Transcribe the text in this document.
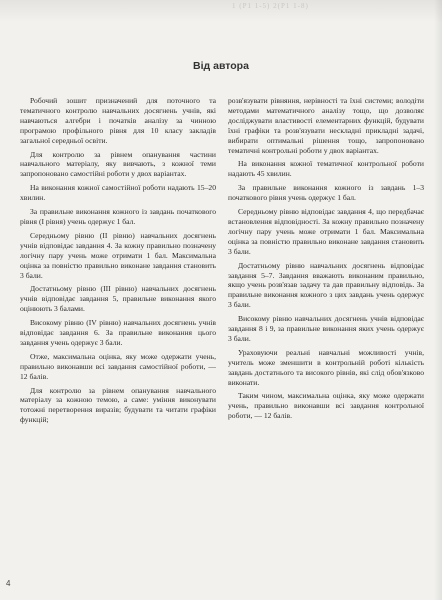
1 (P1 1-5) 2(P1 1-8)
Від автора

Робочий зошит призначений для поточного та тематичного контролю навчальних досягнень учнів, які навчаються алгебри і початків аналізу за чинною програмою профільного рівня для 10 класу закладів загальної середньої освіти.

Для контролю за рівнем опанування частини навчального матеріалу, яку вивчають, з кожної теми запропоновано самостійні роботи у двох варіантах.

На виконання кожної самостійної роботи надають 15–20 хвилин.

За правильне виконання кожного із завдань початкового рівня (І рівня) учень одержує 1 бал.

Середньому рівню (ІІ рівню) навчальних досягнень учнів відповідає завдання 4. За кожну правильно позначену логічну пару учень може отримати 1 бал. Максимальна оцінка за повністю правильно виконане завдання становить 3 бали.

Достатньому рівню (ІІІ рівню) навчальних досягнень учнів відповідає завдання 5, правильне виконання якого оцінюють 3 балами.

Високому рівню (IV рівню) навчальних досягнень учнів відповідає завдання 6. За правильне виконання цього завдання учень одержує 3 бали.

Отже, максимальна оцінка, яку може одержати учень, правильно виконавши всі завдання самостійної роботи, — 12 балів.

Для контролю за рівнем опанування навчального матеріалу за кожною темою, а саме: уміння виконувати тотожні перетворення виразів; будувати та читати графіки функцій;

розв'язувати рівняння, нерівності та їхні системи; володіти методами математичного аналізу тощо, що дозволяє досліджувати властивості елементарних функцій, будувати їхні графіки та розв'язувати нескладні прикладні задачі, вибирати оптимальні рішення тощо, запропоновано тематичні контрольні роботи у двох варіантах.

На виконання кожної тематичної контрольної роботи надають 45 хвилин.

За правильне виконання кожного із завдань 1–3 початкового рівня учень одержує 1 бал.

Середньому рівню відповідає завдання 4, що передбачає встановлення відповідності. За кожну правильно позначену логічну пару учень може отримати 1 бал. Максимальна оцінка за повністю правильно виконане завдання становить 3 бали.

Достатньому рівню навчальних досягнень відповідає завдання 5–7. Завдання вважають виконаним правильно, якщо учень розв'язав задачу та дав правильну відповідь. За правильне виконання кожного з цих завдань учень одержує 3 бали.

Високому рівню навчальних досягнень учнів відповідає завдання 8 і 9, за правильне виконання яких учень одержує 3 бали.

Ураховуючи реальні навчальні можливості учнів, учитель може зменшити в контрольній роботі кількість завдань достатнього та високого рівнів, які слід обов'язково виконати.

Таким чином, максимальна оцінка, яку може одержати учень, правильно виконавши всі завдання контрольної роботи, — 12 балів.

4
